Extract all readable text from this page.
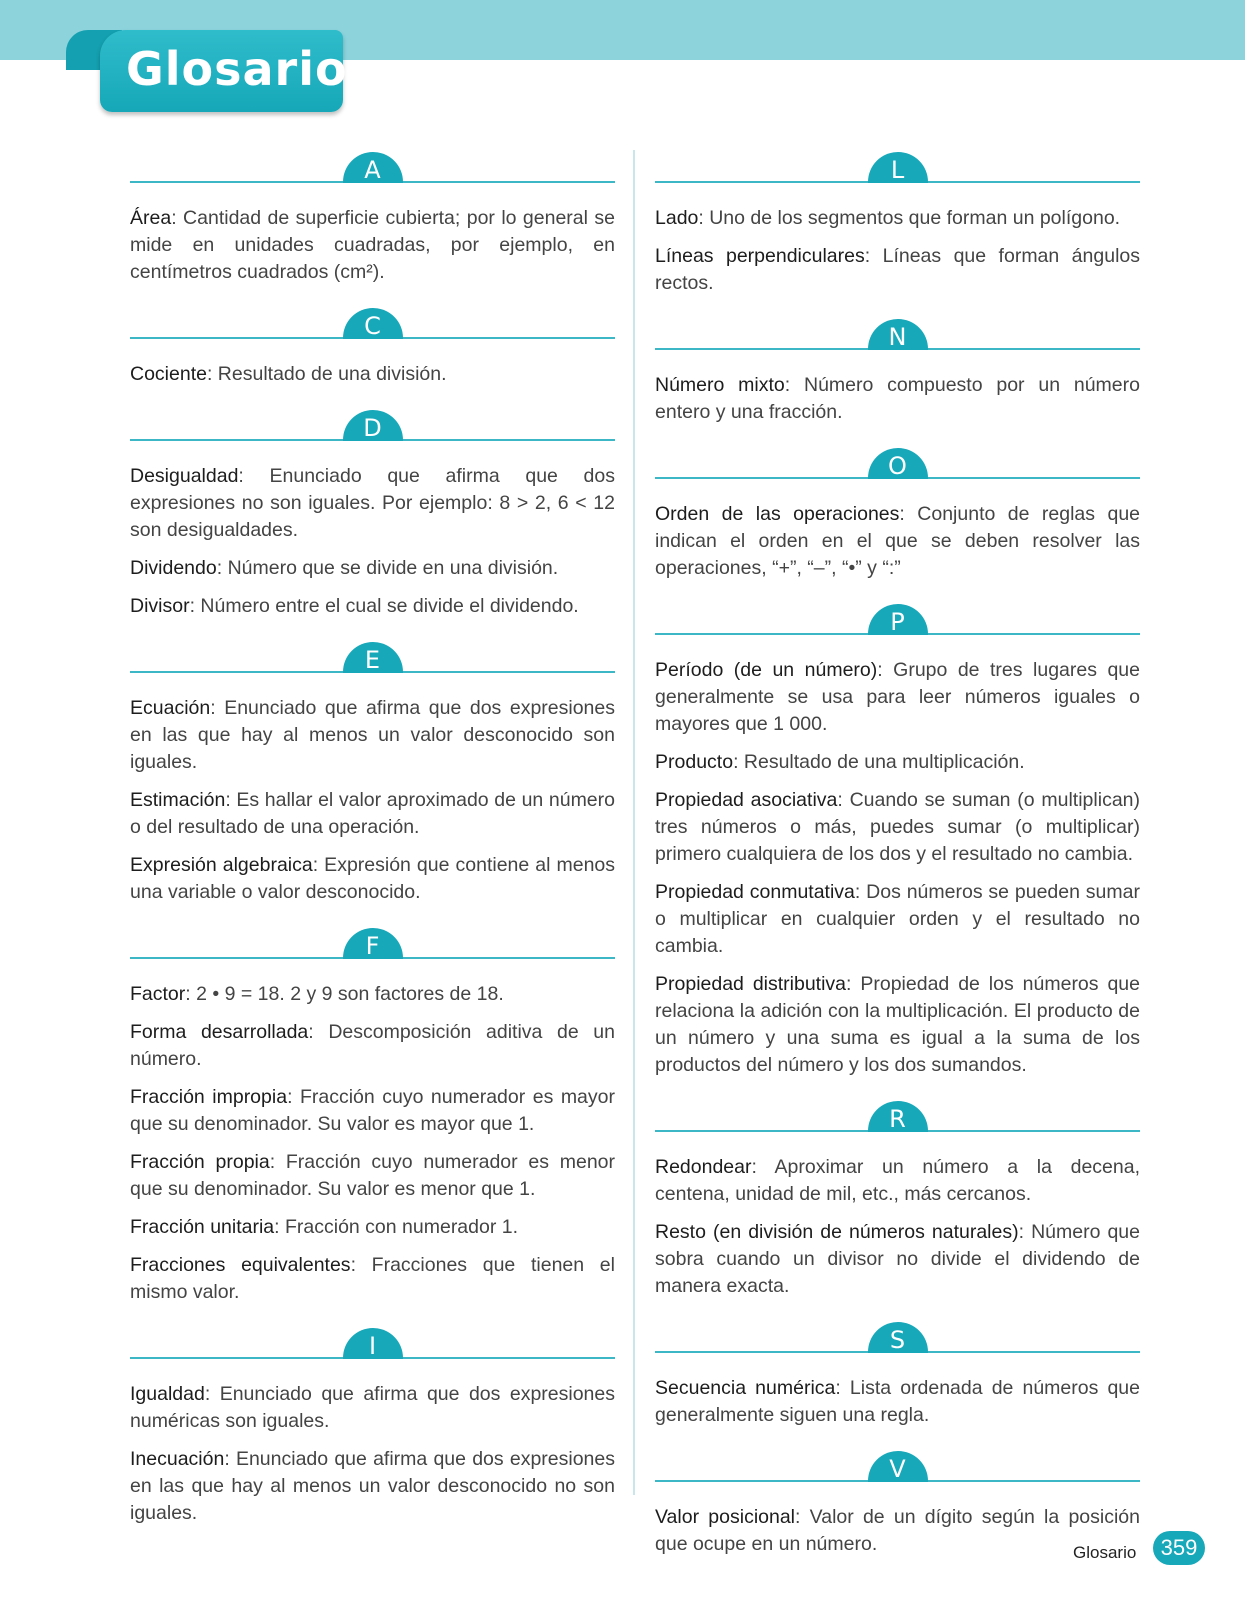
Glosario
A

Área: Cantidad de superficie cubierta; por lo general se mide en unidades cuadradas, por ejemplo, en centímetros cuadrados (cm²).

C

Cociente: Resultado de una división.

D

Desigualdad: Enunciado que afirma que dos expresiones no son iguales. Por ejemplo: 8 > 2, 6 < 12 son desigualdades.

Dividendo: Número que se divide en una división.

Divisor: Número entre el cual se divide el dividendo.

E

Ecuación: Enunciado que afirma que dos expresiones en las que hay al menos un valor desconocido son iguales.

Estimación: Es hallar el valor aproximado de un número o del resultado de una operación.

Expresión algebraica: Expresión que contiene al menos una variable o valor desconocido.

F

Factor: 2 • 9 = 18. 2 y 9 son factores de 18.

Forma desarrollada: Descomposición aditiva de un número.

Fracción impropia: Fracción cuyo numerador es mayor que su denominador. Su valor es mayor que 1.

Fracción propia: Fracción cuyo numerador es menor que su denominador. Su valor es menor que 1.

Fracción unitaria: Fracción con numerador 1.

Fracciones equivalentes: Fracciones que tienen el mismo valor.

I

Igualdad: Enunciado que afirma que dos expresiones numéricas son iguales.

Inecuación: Enunciado que afirma que dos expresiones en las que hay al menos un valor desconocido no son iguales.

L

Lado: Uno de los segmentos que forman un polígono.

Líneas perpendiculares: Líneas que forman ángulos rectos.

N

Número mixto: Número compuesto por un número entero y una fracción.

O

Orden de las operaciones: Conjunto de reglas que indican el orden en el que se deben resolver las operaciones, “+”, “–”, “•” y “:”

P

Período (de un número): Grupo de tres lugares que generalmente se usa para leer números iguales o mayores que 1 000.

Producto: Resultado de una multiplicación.

Propiedad asociativa: Cuando se suman (o multiplican) tres números o más, puedes sumar (o multiplicar) primero cualquiera de los dos y el resultado no cambia.

Propiedad conmutativa: Dos números se pueden sumar o multiplicar en cualquier orden y el resultado no cambia.

Propiedad distributiva: Propiedad de los números que relaciona la adición con la multiplicación. El producto de un número y una suma es igual a la suma de los productos del número y los dos sumandos.

R

Redondear: Aproximar un número a la decena, centena, unidad de mil, etc., más cercanos.

Resto (en división de números naturales): Número que sobra cuando un divisor no divide el dividendo de manera exacta.

S

Secuencia numérica: Lista ordenada de números que generalmente siguen una regla.

V

Valor posicional: Valor de un dígito según la posición que ocupe en un número.	Glosario	359
